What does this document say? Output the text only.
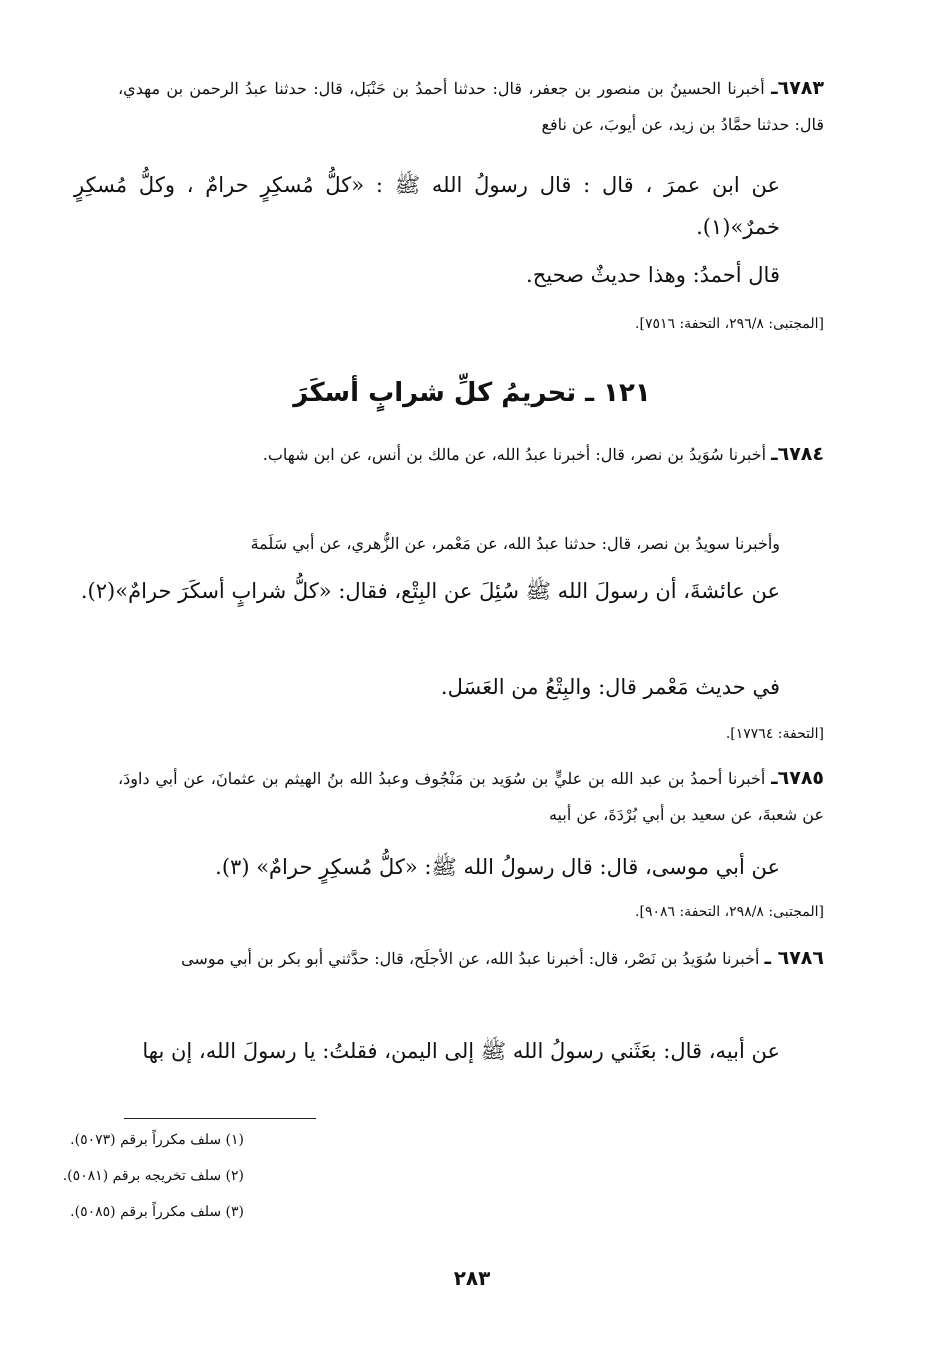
٦٧٨٣ـ أخبرنا الحسينُ بن منصور بن جعفر، قال: حدثنا أحمدُ بن حَنْبَل، قال: حدثنا عبدُ الرحمن بن مهدي، قال: حدثنا حمَّادُ بن زيد، عن أيوبَ، عن نافع
عن ابن عمرَ ، قال : قال رسولُ الله ﷺ : «كلُّ مُسكِرٍ حرامٌ ، وكلُّ مُسكِرٍ خمرٌ»(١).
قال أحمدُ: وهذا حديثٌ صحيح.
[المجتبى: ٢٩٦/٨، التحفة: ٧٥١٦].
١٢١ ـ تحريمُ كلِّ شرابٍ أسكَرَ
٦٧٨٤ـ أخبرنا سُوَيدُ بن نصر، قال: أخبرنا عبدُ الله، عن مالك بن أنس، عن ابن شهاب.
وأخبرنا سويدُ بن نصر، قال: حدثنا عبدُ الله، عن مَعْمر، عن الزُّهري، عن أبي سَلَمةَ
عن عائشةَ، أن رسولَ الله ﷺ سُئِلَ عن البِتْع، فقال: «كلُّ شرابٍ أسكَرَ حرامٌ»(٢).
في حديث مَعْمر قال: والبِتْعُ من العَسَل.
[التحفة: ١٧٧٦٤].
٦٧٨٥ـ أخبرنا أحمدُ بن عبد الله بن عليٍّ بن سُوَيد بن مَنْجُوف وعبدُ الله بنُ الهيثم بن عثمانَ، عن أبي داودَ، عن شعبةَ، عن سعيد بن أبي بُرْدَةَ، عن أبيه
عن أبي موسى، قال: قال رسولُ الله ﷺ: «كلُّ مُسكِرٍ حرامٌ» (٣).
[المجتبى: ٢٩٨/٨، التحفة: ٩٠٨٦].
٦٧٨٦ ـ أخبرنا سُوَيدُ بن نَصْر، قال: أخبرنا عبدُ الله، عن الأجلَح، قال: حدَّثني أبو بكر بن أبي موسى
عن أبيه، قال: بعَثَني رسولُ الله ﷺ إلى اليمن، فقلتُ: يا رسولَ الله، إن بها
(١) سلف مكرراً برقم (٥٠٧٣).
(٢) سلف تخريجه برقم (٥٠٨١).
(٣) سلف مكرراً برقم (٥٠٨٥).
٢٨٣
